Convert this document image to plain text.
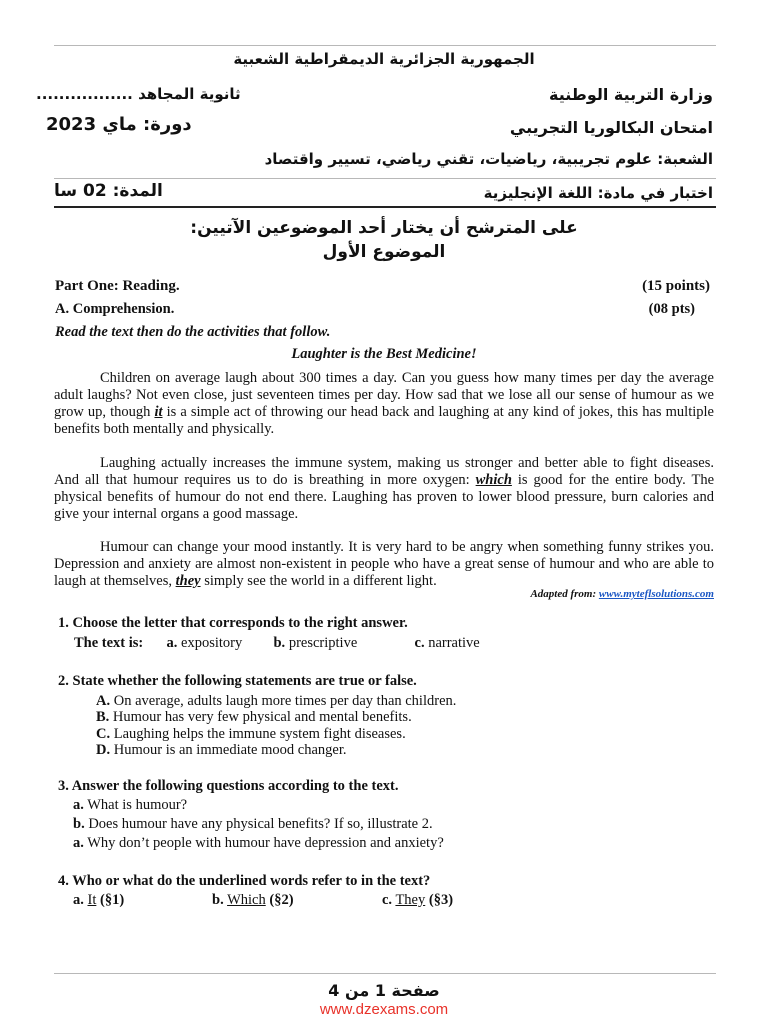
الجمهورية الجزائرية الديمقراطية الشعبية
وزارة التربية الوطنية
ثانوية المجاهد .................
امتحان البكالوريا التجريبي
دورة: ماي 2023
الشعبة: علوم تجريبية، رياضيات، تقني رياضي، تسيير واقتصاد
اختبار في مادة: اللغة الإنجليزية
المدة: 02 سا
على المترشح أن يختار أحد الموضوعين الآتيين:
الموضوع الأول
Part One: Reading.	(15 points)
A. Comprehension.	(08 pts)
Read the text then do the activities that follow.
Laughter is the Best Medicine!
Children on average laugh about 300 times a day. Can you guess how many times per day the average adult laughs? Not even close, just seventeen times per day. How sad that we lose all our sense of humour as we grow up, though it is a simple act of throwing our head back and laughing at any kind of jokes, this has multiple benefits both mentally and physically.
Laughing actually increases the immune system, making us stronger and better able to fight diseases. And all that humour requires us to do is breathing in more oxygen: which is good for the entire body. The physical benefits of humour do not end there. Laughing has proven to lower blood pressure, burn calories and give your internal organs a good massage.
Humour can change your mood instantly. It is very hard to be angry when something funny strikes you. Depression and anxiety are almost non-existent in people who have a great sense of humour and who are able to laugh at themselves, they simply see the world in a different light.
Adapted from: www.myteflsolutions.com
1. Choose the letter that corresponds to the right answer.
The text is: a. expository b. prescriptive	c. narrative
2. State whether the following statements are true or false.
A. On average, adults laugh more times per day than children.
B. Humour has very few physical and mental benefits.
C. Laughing helps the immune system fight diseases.
D. Humour is an immediate mood changer.
3. Answer the following questions according to the text.
a. What is humour?
b. Does humour have any physical benefits? If so, illustrate 2.
a. Why don’t people with humour have depression and anxiety?
4. Who or what do the underlined words refer to in the text?
a. It (§1)	b. Which (§2)	c. They (§3)
صفحة 1 من 4
www.dzexams.com
